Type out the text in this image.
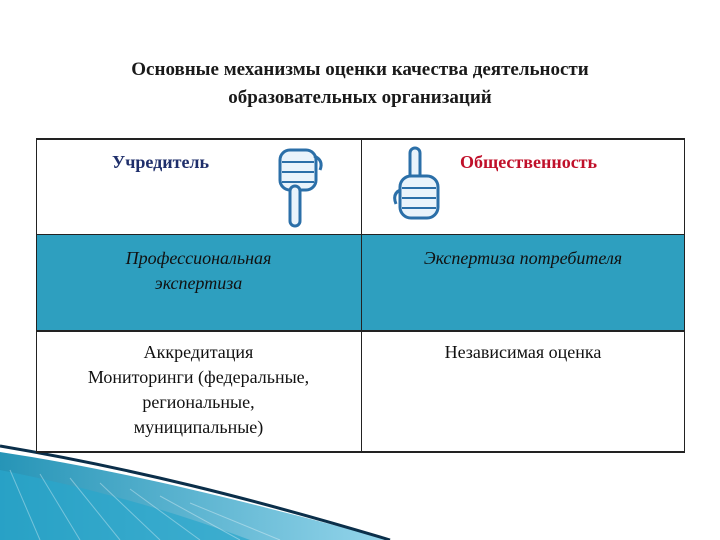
Основные механизмы оценки качества деятельности
образовательных организаций
Учредитель	Общественность
Профессиональная
экспертиза
Экспертиза потребителя
Аккредитация
Мониторинги (федеральные,
региональные,
муниципальные)
Независимая оценка
